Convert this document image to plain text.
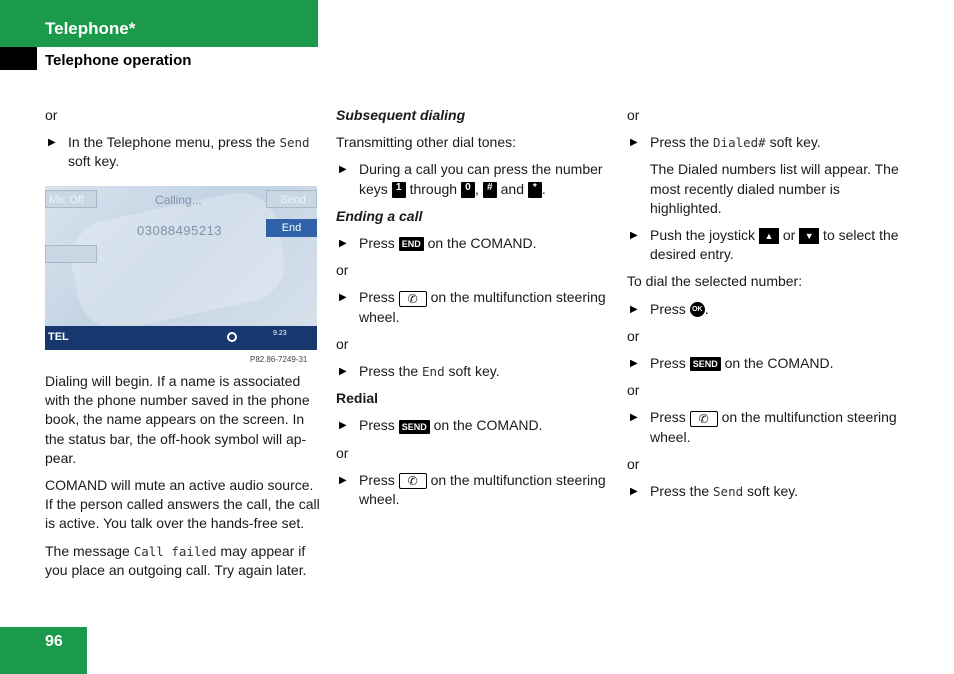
Telephone*
Telephone operation

or

▶ In the Telephone menu, press the Send soft key.
Mic Off	Calling...	Send
03088495213	End
TEL	9.23
P82.86-7249-31

Dialing will begin. If a name is associated with the phone number saved in the phone book, the name appears on the screen. In the status bar, the off-hook symbol will ap-pear.

COMAND will mute an active audio source. If the person called answers the call, the call is active. You talk over the hands-free set.

The message Call failed may appear if you place an outgoing call. Try again later.

Subsequent dialing

Transmitting other dial tones:

▶ During a call you can press the number keys 1 through 0 , # and * .

Ending a call

▶ Press END on the COMAND.

or

▶ Press ✆ on the multifunction steering wheel.

or

▶ Press the End soft key.

Redial

▶ Press SEND on the COMAND.

or

▶ Press ✆ on the multifunction steering wheel.

or

▶ Press the Dialed# soft key.

The Dialed numbers list will appear. The most recently dialed number is highlighted.

▶ Push the joystick ▲ or ▼ to select the desired entry.

To dial the selected number:

▶ Press OK .

or

▶ Press SEND on the COMAND.

or

▶ Press ✆ on the multifunction steering wheel.

or

▶ Press the Send soft key.
96
